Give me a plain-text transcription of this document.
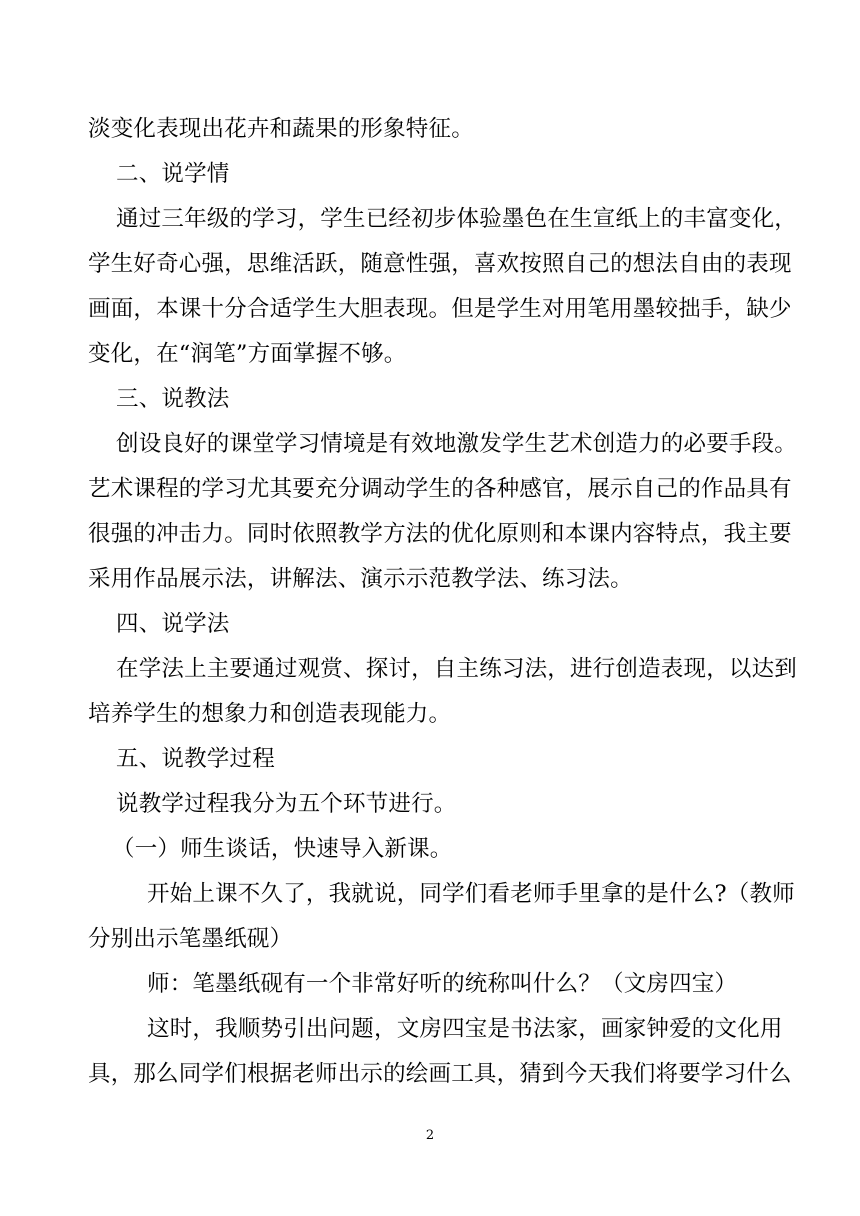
淡变化表现出花卉和蔬果的形象特征。
二、说学情
通过三年级的学习，学生已经初步体验墨色在生宣纸上的丰富变化，
学生好奇心强，思维活跃，随意性强，喜欢按照自己的想法自由的表现
画面，本课十分合适学生大胆表现。但是学生对用笔用墨较拙手，缺少
变化，在“润笔”方面掌握不够。
三、说教法
创设良好的课堂学习情境是有效地激发学生艺术创造力的必要手段。
艺术课程的学习尤其要充分调动学生的各种感官，展示自己的作品具有
很强的冲击力。同时依照教学方法的优化原则和本课内容特点，我主要
采用作品展示法，讲解法、演示示范教学法、练习法。
四、说学法
在学法上主要通过观赏、探讨，自主练习法，进行创造表现，以达到
培养学生的想象力和创造表现能力。
五、说教学过程
说教学过程我分为五个环节进行。
（一）师生谈话，快速导入新课。
开始上课不久了，我就说，同学们看老师手里拿的是什么?（教师
分别出示笔墨纸砚）
师：笔墨纸砚有一个非常好听的统称叫什么？（文房四宝）
这时，我顺势引出问题，文房四宝是书法家，画家钟爱的文化用
具，那么同学们根据老师出示的绘画工具，猜到今天我们将要学习什么
2
